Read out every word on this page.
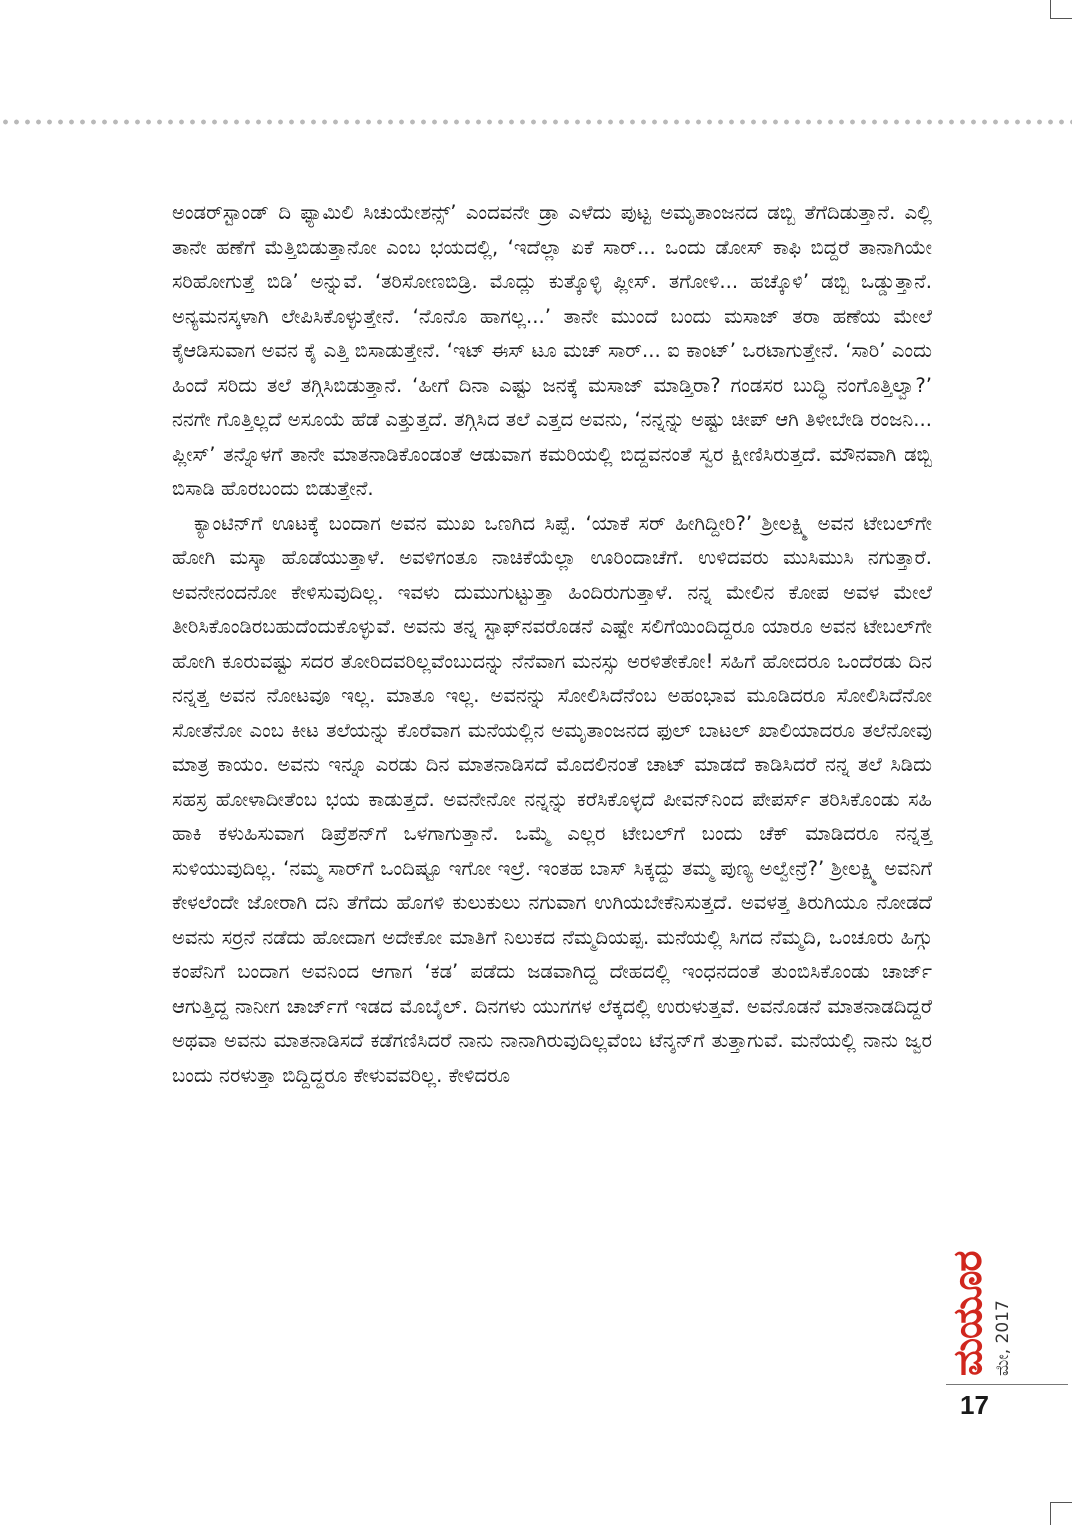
ಅಂಡರ್‌ಸ್ಟಾಂಡ್ ದಿ ಫ್ಯಾಮಿಲಿ ಸಿಚುಯೇಶನ್ಸ್’ ಎಂದವನೇ ಡ್ರಾ ಎಳೆದು ಪುಟ್ಟ ಅಮೃತಾಂಜನದ ಡಬ್ಬಿ ತೆಗೆದಿಡುತ್ತಾನೆ. ಎಲ್ಲಿ ತಾನೇ ಹಣೆಗೆ ಮೆತ್ತಿಬಿಡುತ್ತಾನೋ ಎಂಬ ಭಯದಲ್ಲಿ, ‘ಇದೆಲ್ಲಾ ಏಕೆ ಸಾರ್... ಒಂದು ಡೋಸ್ ಕಾಫಿ ಬಿದ್ದರೆ ತಾನಾಗಿಯೇ ಸರಿಹೋಗುತ್ತೆ ಬಿಡಿ’ ಅನ್ನುವೆ. ‘ತರಿಸೋಣಬಿಡ್ರಿ. ಮೊದ್ಲು ಕುತ್ಕೊಳ್ಳಿ ಪ್ಲೀಸ್. ತಗೋಳಿ... ಹಚ್ಕೊಳಿ’ ಡಬ್ಬಿ ಒಡ್ಡುತ್ತಾನೆ. ಅನ್ಯಮನಸ್ಕಳಾಗಿ ಲೇಪಿಸಿಕೊಳ್ಳುತ್ತೇನೆ. ‘ನೊನೊ ಹಾಗಲ್ಲ...’ ತಾನೇ ಮುಂದೆ ಬಂದು ಮಸಾಜ್ ತರಾ ಹಣೆಯ ಮೇಲೆ ಕೈಆಡಿಸುವಾಗ ಅವನ ಕೈ ಎತ್ತಿ ಬಿಸಾಡುತ್ತೇನೆ. ‘ಇಟ್ ಈಸ್ ಟೂ ಮಚ್ ಸಾರ್... ಐ ಕಾಂಟ್’ ಒರಟಾಗುತ್ತೇನೆ. ‘ಸಾರಿ’ ಎಂದು ಹಿಂದೆ ಸರಿದು ತಲೆ ತಗ್ಗಿಸಿಬಿಡುತ್ತಾನೆ. ‘ಹೀಗೆ ದಿನಾ ಎಷ್ಟು ಜನಕ್ಕೆ ಮಸಾಜ್ ಮಾಡ್ತಿರಾ? ಗಂಡಸರ ಬುದ್ಧಿ ನಂಗೊತ್ತಿಲ್ವಾ?’ ನನಗೇ ಗೊತ್ತಿಲ್ಲದೆ ಅಸೂಯೆ ಹೆಡೆ ಎತ್ತುತ್ತದೆ. ತಗ್ಗಿಸಿದ ತಲೆ ಎತ್ತದ ಅವನು, ‘ನನ್ನನ್ನು ಅಷ್ಟು ಚೀಪ್ ಆಗಿ ತಿಳೀಬೇಡಿ ರಂಜನಿ... ಪ್ಲೀಸ್’ ತನ್ನೊಳಗೆ ತಾನೇ ಮಾತನಾಡಿಕೊಂಡಂತೆ ಆಡುವಾಗ ಕಮರಿಯಲ್ಲಿ ಬಿದ್ದವನಂತೆ ಸ್ವರ ಕ್ಷೀಣಿಸಿರುತ್ತದೆ. ಮೌನವಾಗಿ ಡಬ್ಬಿ ಬಿಸಾಡಿ ಹೊರಬಂದು ಬಿಡುತ್ತೇನೆ.

ಕ್ಯಾಂಟಿನ್‌ಗೆ ಊಟಕ್ಕೆ ಬಂದಾಗ ಅವನ ಮುಖ ಒಣಗಿದ ಸಿಪ್ಪೆ. ‘ಯಾಕೆ ಸರ್ ಹೀಗಿದ್ದೀರಿ?’ ಶ್ರೀಲಕ್ಷ್ಮಿ ಅವನ ಟೇಬಲ್‌ಗೇ ಹೋಗಿ ಮಸ್ಕಾ ಹೊಡೆಯುತ್ತಾಳೆ. ಅವಳಿಗಂತೂ ನಾಚಿಕೆಯೆಲ್ಲಾ ಊರಿಂದಾಚೆಗೆ. ಉಳಿದವರು ಮುಸಿಮುಸಿ ನಗುತ್ತಾರೆ. ಅವನೇನಂದನೋ ಕೇಳಿಸುವುದಿಲ್ಲ. ಇವಳು ದುಮುಗುಟ್ಟುತ್ತಾ ಹಿಂದಿರುಗುತ್ತಾಳೆ. ನನ್ನ ಮೇಲಿನ ಕೋಪ ಅವಳ ಮೇಲೆ ತೀರಿಸಿಕೊಂಡಿರಬಹುದೆಂದುಕೊಳ್ಳುವೆ. ಅವನು ತನ್ನ ಸ್ಟಾಫ್‌ನವರೊಡನೆ ಎಷ್ಟೇ ಸಲಿಗೆಯಿಂದಿದ್ದರೂ ಯಾರೂ ಅವನ ಟೇಬಲ್‌ಗೇ ಹೋಗಿ ಕೂರುವಷ್ಟು ಸದರ ತೋರಿದವರಿಲ್ಲವೆಂಬುದನ್ನು ನೆನೆವಾಗ ಮನಸ್ಸು ಅರಳಿತೇಕೋ! ಸಹಿಗೆ ಹೋದರೂ ಒಂದೆರಡು ದಿನ ನನ್ನತ್ತ ಅವನ ನೋಟವೂ ಇಲ್ಲ. ಮಾತೂ ಇಲ್ಲ. ಅವನನ್ನು ಸೋಲಿಸಿದೆನೆಂಬ ಅಹಂಭಾವ ಮೂಡಿದರೂ ಸೋಲಿಸಿದೆನೋ ಸೋತೆನೋ ಎಂಬ ಕೀಟ ತಲೆಯನ್ನು ಕೊರೆವಾಗ ಮನೆಯಲ್ಲಿನ ಅಮೃತಾಂಜನದ ಫುಲ್ ಬಾಟಲ್ ಖಾಲಿಯಾದರೂ ತಲೆನೋವು ಮಾತ್ರ ಕಾಯಂ. ಅವನು ಇನ್ನೂ ಎರಡು ದಿನ ಮಾತನಾಡಿಸದೆ ಮೊದಲಿನಂತೆ ಚಾಟ್ ಮಾಡದೆ ಕಾಡಿಸಿದರೆ ನನ್ನ ತಲೆ ಸಿಡಿದು ಸಹಸ್ರ ಹೋಳಾದೀತೆಂಬ ಭಯ ಕಾಡುತ್ತದೆ. ಅವನೇನೋ ನನ್ನನ್ನು ಕರೆಸಿಕೊಳ್ಳದೆ ಪೀವನ್‌ನಿಂದ ಪೇಪರ್ಸ್ ತರಿಸಿಕೊಂಡು ಸಹಿ ಹಾಕಿ ಕಳುಹಿಸುವಾಗ ಡಿಪ್ರೆಶನ್‌ಗೆ ಒಳಗಾಗುತ್ತಾನೆ. ಒಮ್ಮೆ ಎಲ್ಲರ ಟೇಬಲ್‌ಗೆ ಬಂದು ಚೆಕ್ ಮಾಡಿದರೂ ನನ್ನತ್ತ ಸುಳಿಯುವುದಿಲ್ಲ. ‘ನಮ್ಮ ಸಾರ್‌ಗೆ ಒಂದಿಷ್ಟೂ ಇಗೋ ಇಲ್ರೆ. ಇಂತಹ ಬಾಸ್ ಸಿಕ್ಕದ್ದು ತಮ್ಮ ಪುಣ್ಯ ಅಲ್ವೇನ್ರೆ?’ ಶ್ರೀಲಕ್ಷ್ಮಿ ಅವನಿಗೆ ಕೇಳಲೆಂದೇ ಜೋರಾಗಿ ದನಿ ತೆಗೆದು ಹೊಗಳಿ ಕುಲುಕುಲು ನಗುವಾಗ ಉಗಿಯಬೇಕೆನಿಸುತ್ತದೆ. ಅವಳತ್ತ ತಿರುಗಿಯೂ ನೋಡದೆ ಅವನು ಸರ್ರನೆ ನಡೆದು ಹೋದಾಗ ಅದೇಕೋ ಮಾತಿಗೆ ನಿಲುಕದ ನೆಮ್ಮದಿಯಪ್ಪ. ಮನೆಯಲ್ಲಿ ಸಿಗದ ನೆಮ್ಮದಿ, ಒಂಚೂರು ಹಿಗ್ಗು ಕಂಪೆನಿಗೆ ಬಂದಾಗ ಅವನಿಂದ ಆಗಾಗ ‘ಕಡ’ ಪಡೆದು ಜಡವಾಗಿದ್ದ ದೇಹದಲ್ಲಿ ಇಂಧನದಂತೆ ತುಂಬಿಸಿಕೊಂಡು ಚಾರ್ಜ್ ಆಗುತ್ತಿದ್ದ ನಾನೀಗ ಚಾರ್ಜ್‌ಗೆ ಇಡದ ಮೊಬೈಲ್. ದಿನಗಳು ಯುಗಗಳ ಲೆಕ್ಕದಲ್ಲಿ ಉರುಳುತ್ತವೆ. ಅವನೊಡನೆ ಮಾತನಾಡದಿದ್ದರೆ ಅಥವಾ ಅವನು ಮಾತನಾಡಿಸದೆ ಕಡೆಗಣಿಸಿದರೆ ನಾನು ನಾನಾಗಿರುವುದಿಲ್ಲವೆಂಬ ಟೆನ್ಶನ್‌ಗೆ ತುತ್ತಾಗುವೆ. ಮನೆಯಲ್ಲಿ ನಾನು ಜ್ವರ ಬಂದು ನರಳುತ್ತಾ ಬಿದ್ದಿದ್ದರೂ ಕೇಳುವವರಿಲ್ಲ. ಕೇಳಿದರೂ

ಮಯೂರ ಮೇ, 2017
17
